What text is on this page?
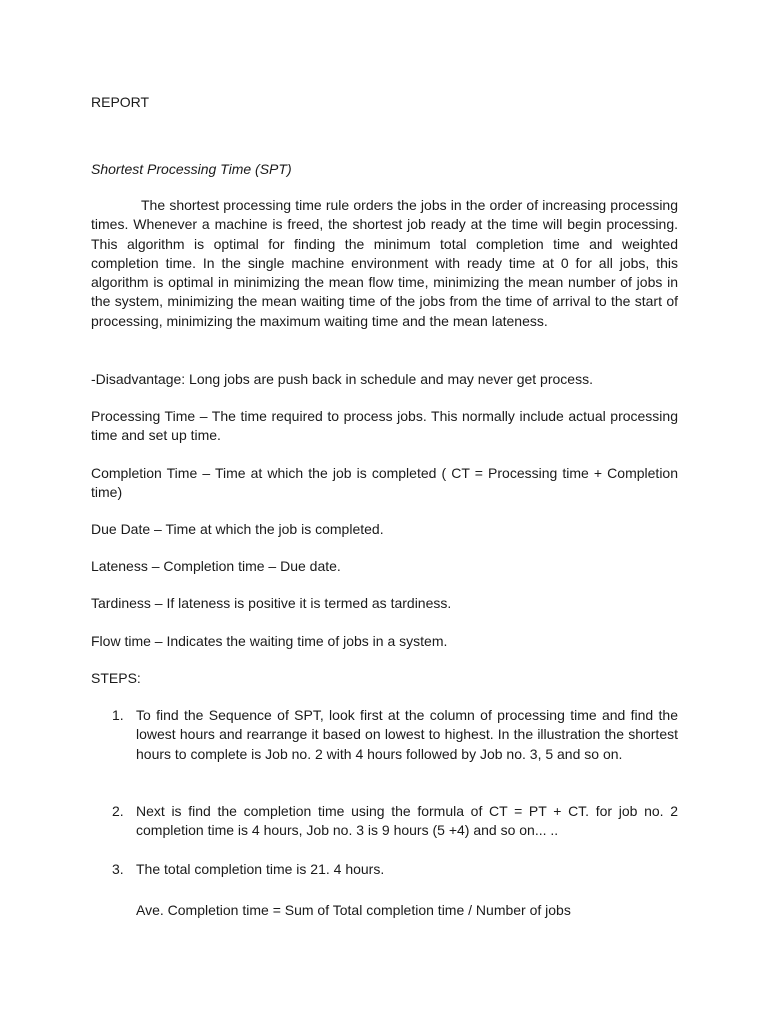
REPORT

Shortest Processing Time (SPT)

The shortest processing time rule orders the jobs in the order of increasing processing times. Whenever a machine is freed, the shortest job ready at the time will begin processing. This algorithm is optimal for finding the minimum total completion time and weighted completion time. In the single machine environment with ready time at 0 for all jobs, this algorithm is optimal in minimizing the mean flow time, minimizing the mean number of jobs in the system, minimizing the mean waiting time of the jobs from the time of arrival to the start of processing, minimizing the maximum waiting time and the mean lateness.

-Disadvantage: Long jobs are push back in schedule and may never get process.

Processing Time – The time required to process jobs. This normally include actual processing time and set up time.

Completion Time – Time at which the job is completed ( CT = Processing time + Completion time)

Due Date – Time at which the job is completed.

Lateness – Completion time – Due date.

Tardiness – If lateness is positive it is termed as tardiness.

Flow time – Indicates the waiting time of jobs in a system.

STEPS:

1. To find the Sequence of SPT, look first at the column of processing time and find the lowest hours and rearrange it based on lowest to highest. In the illustration the shortest hours to complete is Job no. 2 with 4 hours followed by Job no. 3, 5 and so on.
2. Next is find the completion time using the formula of CT = PT + CT. for job no. 2 completion time is 4 hours, Job no. 3 is 9 hours (5 +4) and so on... ..
3. The total completion time is 21. 4 hours.

Ave. Completion time = Sum of Total completion time / Number of jobs
